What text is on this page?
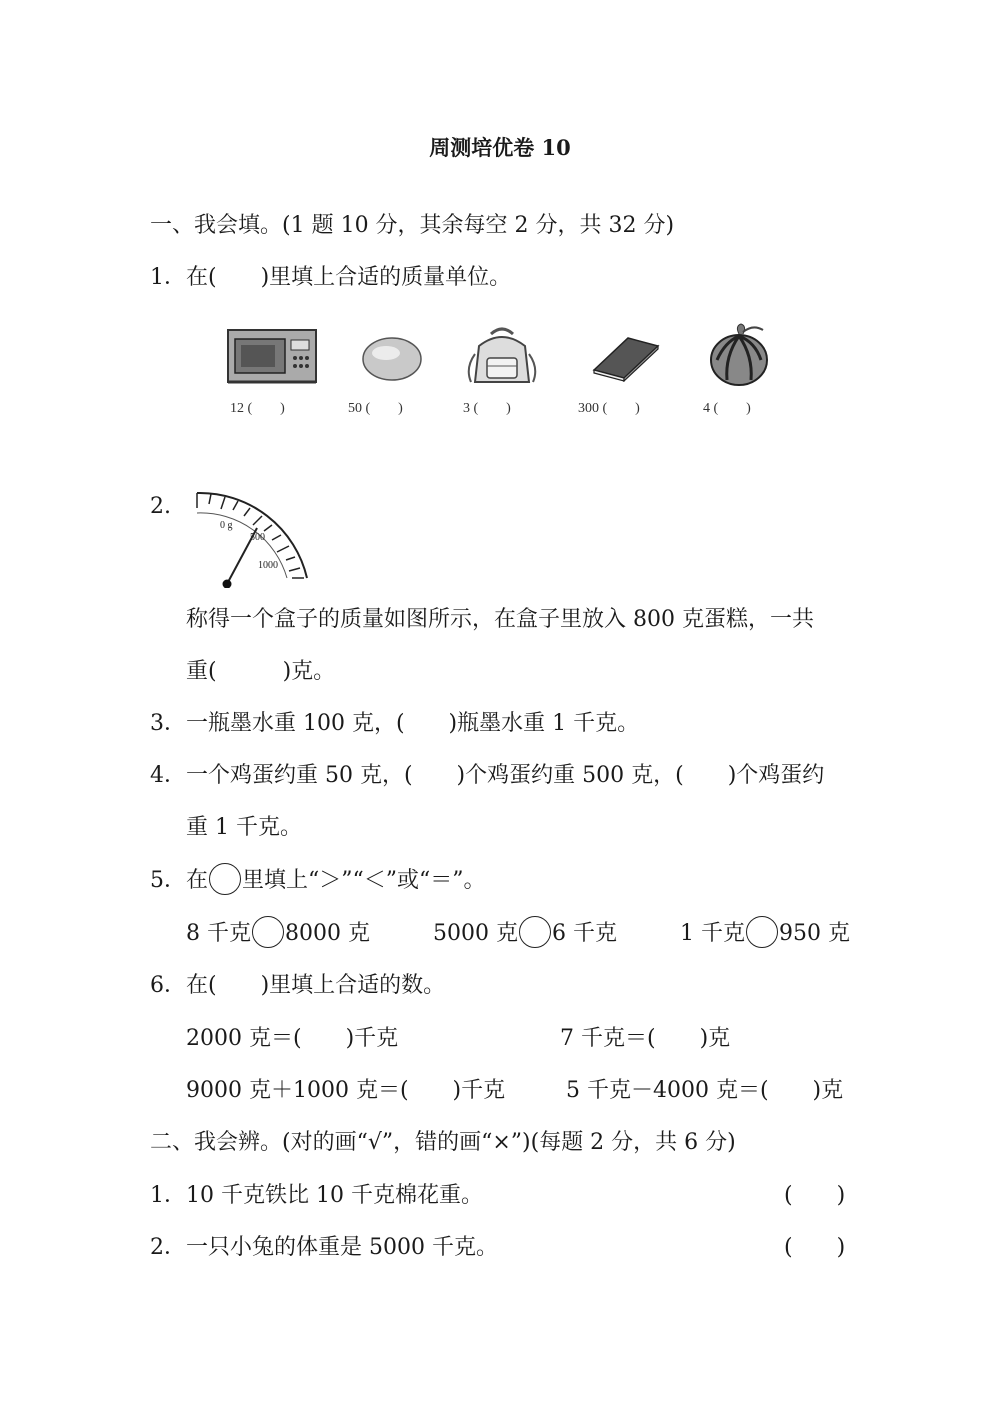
周测培优卷 10
一、我会填。(1 题 10 分，其余每空 2 分，共 32 分)
1．在(　　)里填上合适的质量单位。
12 (　　)	50 (　　)	3 (　　)	300 (　　)	4 (　　)
2.
0 g
500
1000
称得一个盒子的质量如图所示，在盒子里放入 800 克蛋糕，一共
重(　　　)克。
3．一瓶墨水重 100 克，(　　)瓶墨水重 1 千克。
4．一个鸡蛋约重 50 克，(　　)个鸡蛋约重 500 克，(　　)个鸡蛋约
重 1 千克。
5．在 里填上“＞”“＜”或“＝”。
8 千克 8000 克	5000 克 6 千克	1 千克 950 克
6．在(　　)里填上合适的数。
2000 克＝(　　)千克	7 千克＝(　　)克
9000 克＋1000 克＝(　　)千克	5 千克－4000 克＝(　　)克
二、我会辨。(对的画“√”，错的画“×”)(每题 2 分，共 6 分)
1．10 千克铁比 10 千克棉花重。	(　　)
2．一只小兔的体重是 5000 千克。	(　　)
